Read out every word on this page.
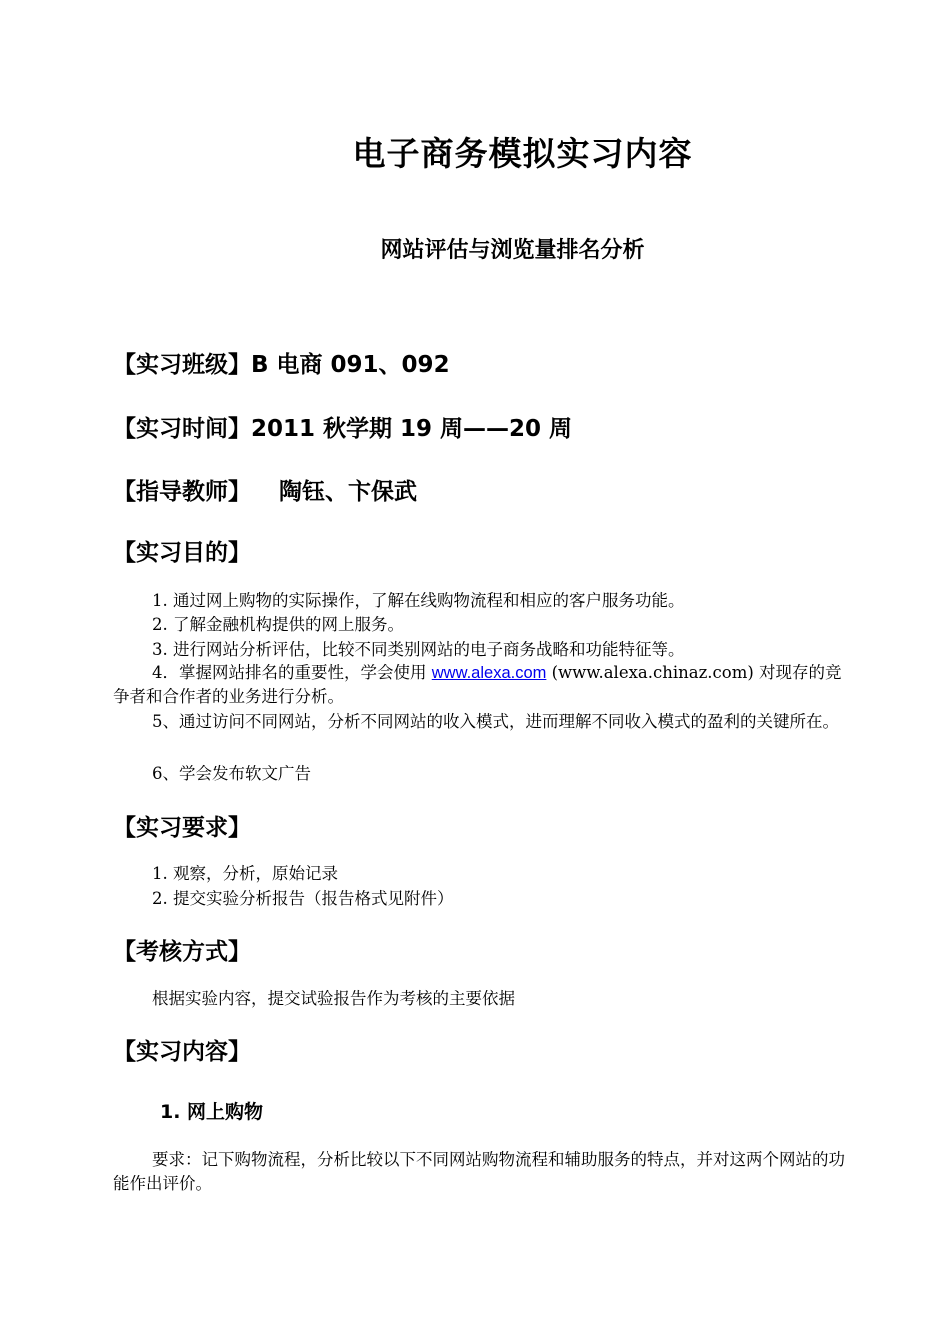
电子商务模拟实习内容
网站评估与浏览量排名分析
【实习班级】B 电商 091、092
【实习时间】2011 秋学期 19 周——20 周
【指导教师】 陶钰、卞保武
【实习目的】
1. 通过网上购物的实际操作，了解在线购物流程和相应的客户服务功能。
2. 了解金融机构提供的网上服务。
3. 进行网站分析评估，比较不同类别网站的电子商务战略和功能特征等。
4．掌握网站排名的重要性，学会使用 www.alexa.com (www.alexa.chinaz.com) 对现存的竞争者和合作者的业务进行分析。
5、通过访问不同网站，分析不同网站的收入模式，进而理解不同收入模式的盈利的关键所在。
6、学会发布软文广告
【实习要求】
1. 观察，分析，原始记录
2. 提交实验分析报告（报告格式见附件）
【考核方式】
根据实验内容，提交试验报告作为考核的主要依据
【实习内容】
1. 网上购物
要求：记下购物流程，分析比较以下不同网站购物流程和辅助服务的特点，并对这两个网站的功能作出评价。
